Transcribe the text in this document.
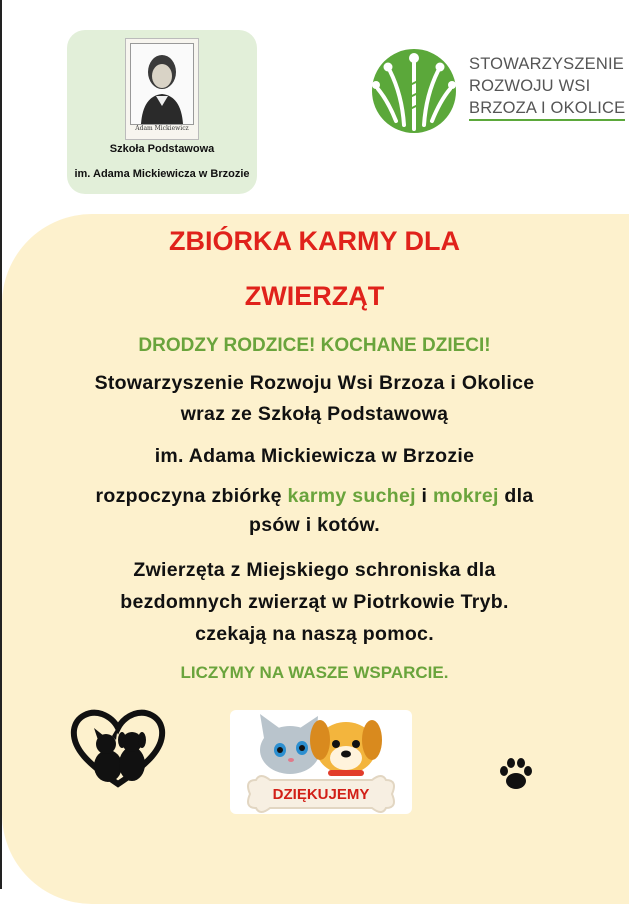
Adam Mickiewicz
Szkoła Podstawowa
im. Adama Mickiewicza w Brzozie
STOWARZYSZENIE
ROZWOJU WSI
BRZOZA I OKOLICE
ZBIÓRKA KARMY DLA
ZWIERZĄT
DRODZY RODZICE! KOCHANE DZIECI!
Stowarzyszenie Rozwoju Wsi Brzoza i Okolice
wraz ze Szkołą Podstawową
im. Adama Mickiewicza w Brzozie
rozpoczyna zbiórkę karmy suchej i mokrej dla
psów i kotów.
Zwierzęta z Miejskiego schroniska dla
bezdomnych zwierząt w Piotrkowie Tryb.
czekają na naszą pomoc.
LICZYMY NA WASZE WSPARCIE.
DZIĘKUJEMY
